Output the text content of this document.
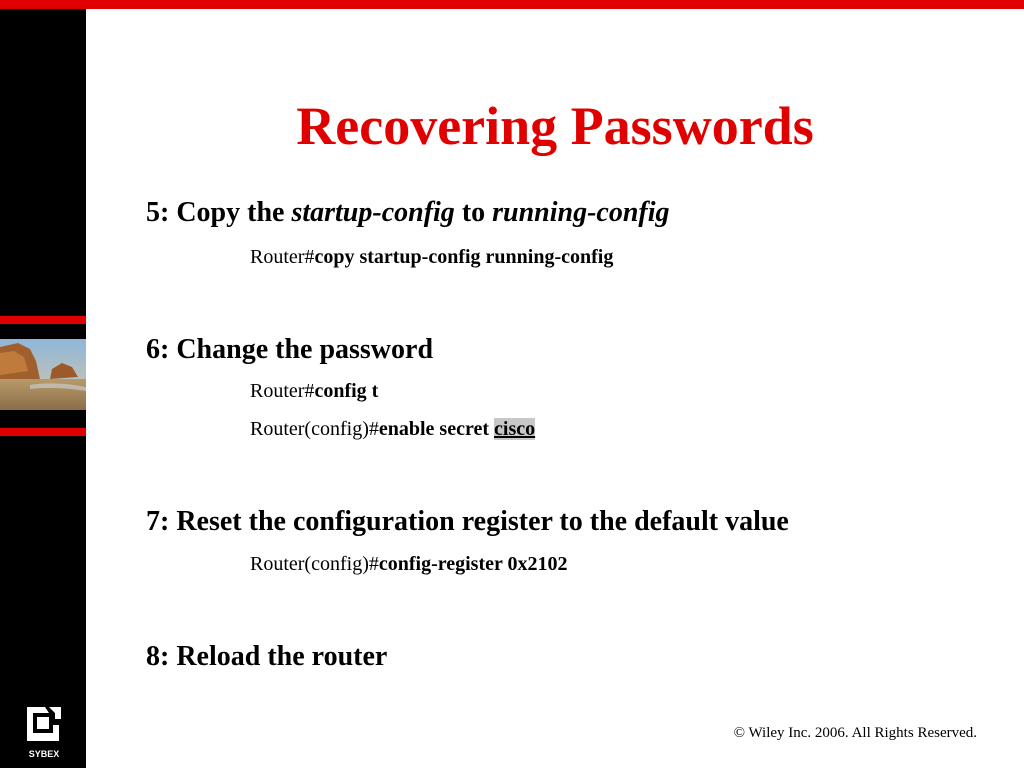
SYBEX
Recovering Passwords
5: Copy the startup-config to running-config
Router#copy startup-config running-config
6: Change the password
Router#config t
Router(config)#enable secret cisco
7: Reset the configuration register to the default value
Router(config)#config-register 0x2102
8: Reload the router
© Wiley Inc. 2006. All Rights Reserved.
